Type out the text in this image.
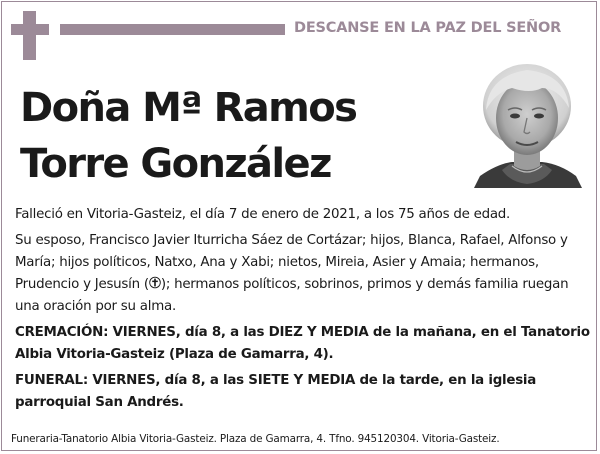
DESCANSE EN LA PAZ DEL SEÑOR
Doña Mª Ramos
Torre González

Falleció en Vitoria-Gasteiz, el día 7 de enero de 2021, a los 75 años de edad.

Su esposo, Francisco Javier Iturricha Sáez de Cortázar; hijos, Blanca, Rafael, Alfonso y María; hijos políticos, Natxo, Ana y Xabi; nietos, Mireia, Asier y Amaia; hermanos, Prudencio y Jesusín ( ); hermanos políticos, sobrinos, primos y demás familia ruegan una oración por su alma.

CREMACIÓN: VIERNES, día 8, a las DIEZ Y MEDIA de la mañana, en el Tanatorio Albia Vitoria-Gasteiz (Plaza de Gamarra, 4).

FUNERAL: VIERNES, día 8, a las SIETE Y MEDIA de la tarde, en la iglesia parroquial San Andrés.

Funeraria-Tanatorio Albia Vitoria-Gasteiz. Plaza de Gamarra, 4. Tfno. 945120304. Vitoria-Gasteiz.
